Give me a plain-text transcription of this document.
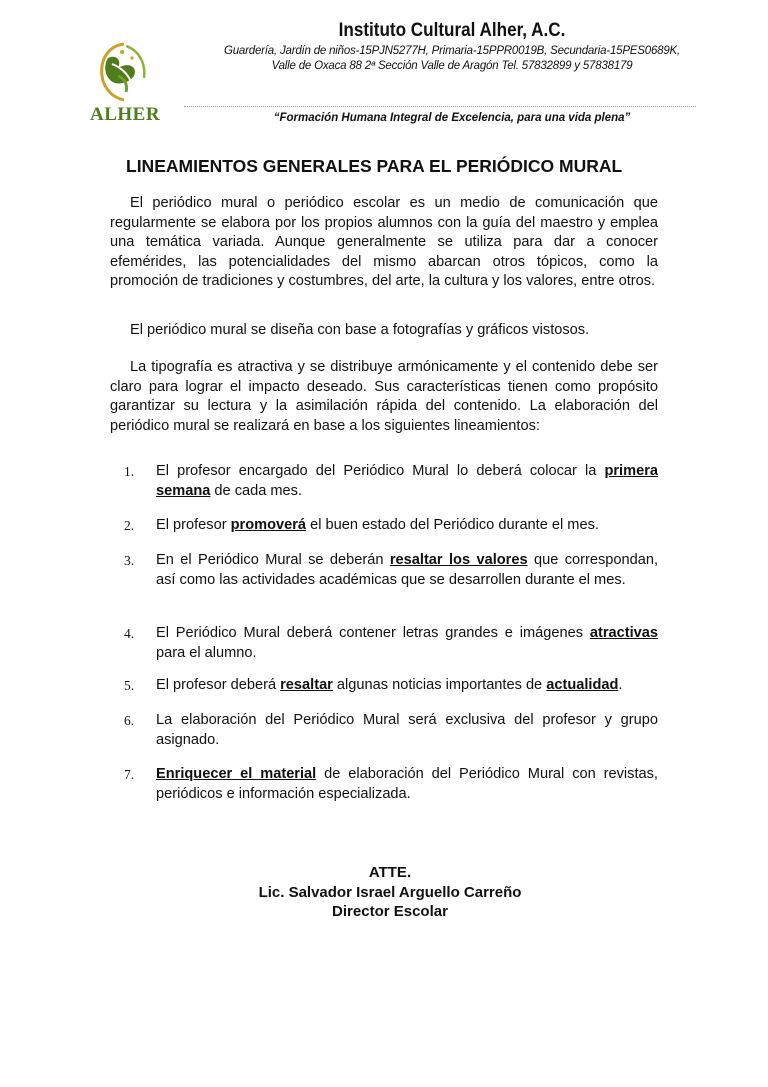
ALHER
Instituto Cultural Alher, A.C.
Guardería, Jardín de niños-15PJN5277H, Primaria-15PPR0019B, Secundaria-15PES0689K,
Valle de Oxaca 88 2ª Sección Valle de Aragón Tel. 57832899 y 57838179
“Formación Humana Integral de Excelencia, para una vida plena”
LINEAMIENTOS GENERALES PARA EL PERIÓDICO MURAL

El periódico mural o periódico escolar es un medio de comunicación que regularmente se elabora por los propios alumnos con la guía del maestro y emplea una temática variada. Aunque generalmente se utiliza para dar a conocer efemérides, las potencialidades del mismo abarcan otros tópicos, como la promoción de tradiciones y costumbres, del arte, la cultura y los valores, entre otros.

El periódico mural se diseña con base a fotografías y gráficos vistosos.

La tipografía es atractiva y se distribuye armónicamente y el contenido debe ser claro para lograr el impacto deseado. Sus características tienen como propósito garantizar su lectura y la asimilación rápida del contenido. La elaboración del periódico mural se realizará en base a los siguientes lineamientos:

1. El profesor encargado del Periódico Mural lo deberá colocar la primera semana de cada mes.
2. El profesor promoverá el buen estado del Periódico durante el mes.
3. En el Periódico Mural se deberán resaltar los valores que correspondan, así como las actividades académicas que se desarrollen durante el mes.
4. El Periódico Mural deberá contener letras grandes e imágenes atractivas para el alumno.
5. El profesor deberá resaltar algunas noticias importantes de actualidad.
6. La elaboración del Periódico Mural será exclusiva del profesor y grupo asignado.
7. Enriquecer el material de elaboración del Periódico Mural con revistas, periódicos e información especializada.
ATTE.
Lic. Salvador Israel Arguello Carreño
Director Escolar
